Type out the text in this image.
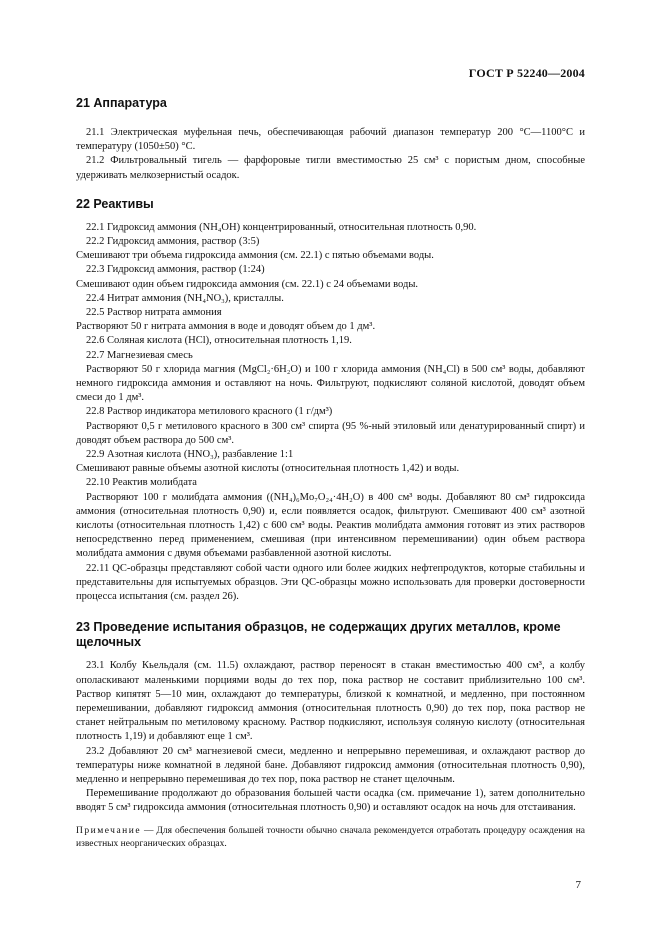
ГОСТ Р 52240—2004
21 Аппаратура

21.1 Электрическая муфельная печь, обеспечивающая рабочий диапазон температур 200 °С—1100°С и температуру (1050±50) °С.

21.2 Фильтровальный тигель — фарфоровые тигли вместимостью 25 см³ с пористым дном, способные удерживать мелкозернистый осадок.

22 Реактивы

22.1 Гидроксид аммония (NH₄OH) концентрированный, относительная плотность 0,90.

22.2 Гидроксид аммония, раствор (3:5)

Смешивают три объема гидроксида аммония (см. 22.1) с пятью объемами воды.

22.3 Гидроксид аммония, раствор (1:24)

Смешивают один объем гидроксида аммония (см. 22.1) с 24 объемами воды.

22.4 Нитрат аммония (NH₄NO₃), кристаллы.

22.5 Раствор нитрата аммония

Растворяют 50 г нитрата аммония в воде и доводят объем до 1 дм³.

22.6 Соляная кислота (HCl), относительная плотность 1,19.

22.7 Магнезиевая смесь

Растворяют 50 г хлорида магния (MgCl₂·6H₂O) и 100 г хлорида аммония (NH₄Cl) в 500 см³ воды, добавляют немного гидроксида аммония и оставляют на ночь. Фильтруют, подкисляют соляной кислотой, доводят объем смеси до 1 дм³.

22.8 Раствор индикатора метилового красного (1 г/дм³)

Растворяют 0,5 г метилового красного в 300 см³ спирта (95 %-ный этиловый или денатурированный спирт) и доводят объем раствора до 500 см³.

22.9 Азотная кислота (HNO₃), разбавление 1:1

Смешивают равные объемы азотной кислоты (относительная плотность 1,42) и воды.

22.10 Реактив молибдата

Растворяют 100 г молибдата аммония ((NH₄)₆Mo₇O₂₄·4H₂O) в 400 см³ воды. Добавляют 80 см³ гидроксида аммония (относительная плотность 0,90) и, если появляется осадок, фильтруют. Смешивают 400 см³ азотной кислоты (относительная плотность 1,42) с 600 см³ воды. Реактив молибдата аммония готовят из этих растворов непосредственно перед применением, смешивая (при интенсивном перемешивании) один объем раствора молибдата аммония с двумя объемами разбавленной азотной кислоты.

22.11 QC-образцы представляют собой части одного или более жидких нефтепродуктов, которые стабильны и представительны для испытуемых образцов. Эти QC-образцы можно использовать для проверки достоверности процесса испытания (см. раздел 26).

23 Проведение испытания образцов, не содержащих других металлов, кроме щелочных

23.1 Колбу Кьельдаля (см. 11.5) охлаждают, раствор переносят в стакан вместимостью 400 см³, а колбу ополаскивают маленькими порциями воды до тех пор, пока раствор не составит приблизительно 100 см³. Раствор кипятят 5—10 мин, охлаждают до температуры, близкой к комнатной, и медленно, при постоянном перемешивании, добавляют гидроксид аммония (относительная плотность 0,90) до тех пор, пока раствор не станет нейтральным по метиловому красному. Раствор подкисляют, используя соляную кислоту (относительная плотность 1,19) и добавляют еще 1 см³.

23.2 Добавляют 20 см³ магнезиевой смеси, медленно и непрерывно перемешивая, и охлаждают раствор до температуры ниже комнатной в ледяной бане. Добавляют гидроксид аммония (относительная плотность 0,90), медленно и непрерывно перемешивая до тех пор, пока раствор не станет щелочным.

Перемешивание продолжают до образования большей части осадка (см. примечание 1), затем дополнительно вводят 5 см³ гидроксида аммония (относительная плотность 0,90) и оставляют осадок на ночь для отстаивания.

Примечание — Для обеспечения большей точности обычно сначала рекомендуется отработать процедуру осаждения на известных неорганических образцах.

7
